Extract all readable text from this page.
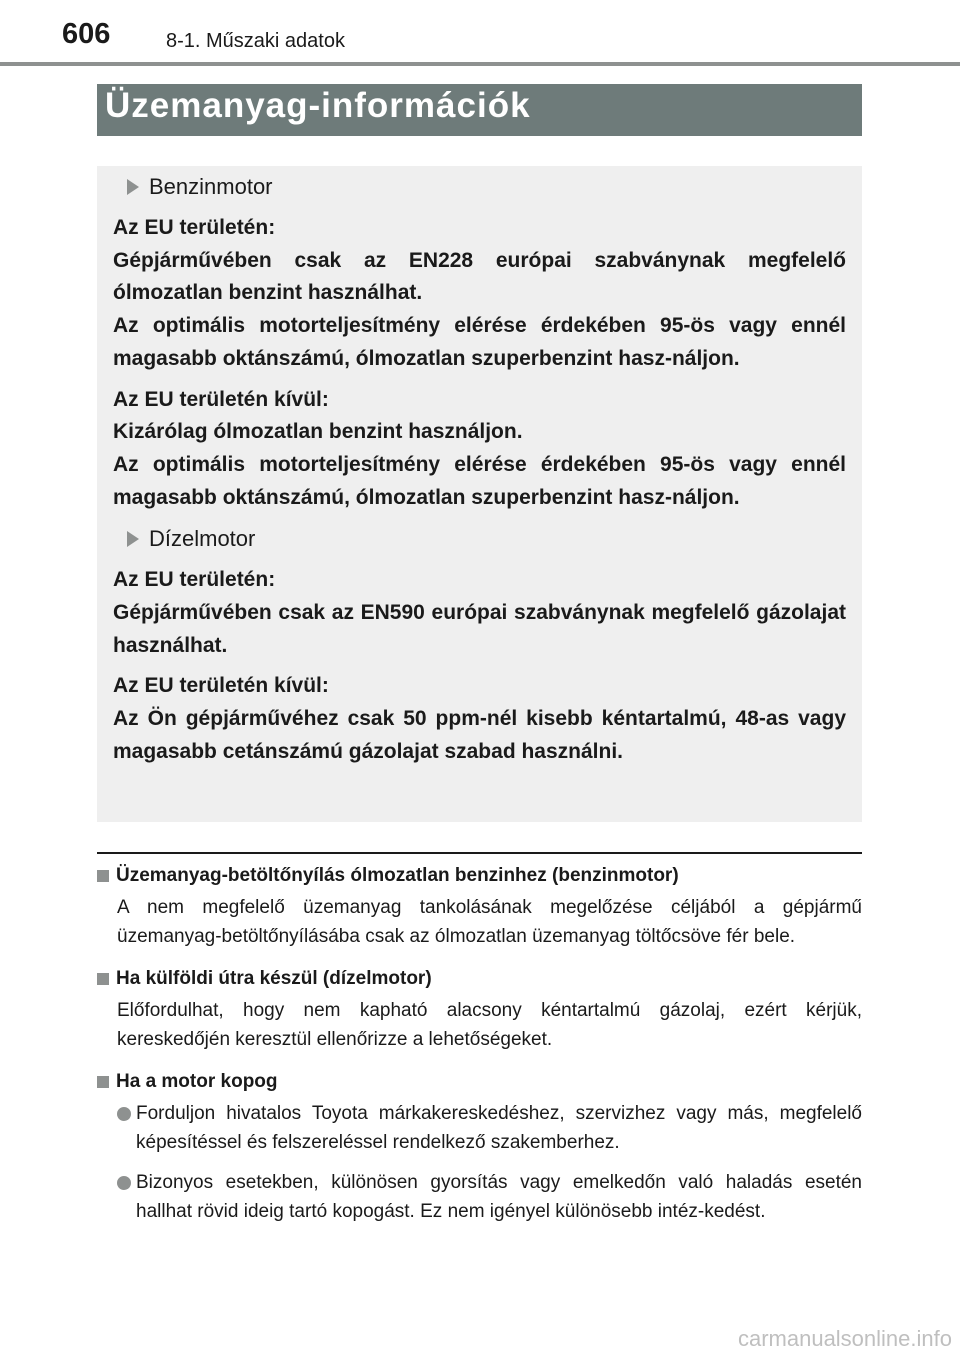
606	8-1. Műszaki adatok
Üzemanyag-információk
Benzinmotor
Az EU területén:
Gépjárművében csak az EN228 európai szabványnak megfelelő ólmozatlan benzint használhat.
Az optimális motorteljesítmény elérése érdekében 95-ös vagy ennél magasabb oktánszámú, ólmozatlan szuperbenzint hasz-náljon.
Az EU területén kívül:
Kizárólag ólmozatlan benzint használjon.
Az optimális motorteljesítmény elérése érdekében 95-ös vagy ennél magasabb oktánszámú, ólmozatlan szuperbenzint hasz-náljon.
Dízelmotor
Az EU területén:
Gépjárművében csak az EN590 európai szabványnak megfelelő gázolajat használhat.
Az EU területén kívül:
Az Ön gépjárművéhez csak 50 ppm-nél kisebb kéntartalmú, 48-as vagy magasabb cetánszámú gázolajat szabad használni.
Üzemanyag-betöltőnyílás ólmozatlan benzinhez (benzinmotor)
A nem megfelelő üzemanyag tankolásának megelőzése céljából a gépjármű üzemanyag-betöltőnyílásába csak az ólmozatlan üzemanyag töltőcsöve fér bele.
Ha külföldi útra készül (dízelmotor)
Előfordulhat, hogy nem kapható alacsony kéntartalmú gázolaj, ezért kérjük, kereskedőjén keresztül ellenőrizze a lehetőségeket.
Ha a motor kopog
Forduljon hivatalos Toyota márkakereskedéshez, szervizhez vagy más, megfelelő képesítéssel és felszereléssel rendelkező szakemberhez.
Bizonyos esetekben, különösen gyorsítás vagy emelkedőn való haladás esetén hallhat rövid ideig tartó kopogást. Ez nem igényel különösebb intéz-kedést.
carmanualsonline.info
